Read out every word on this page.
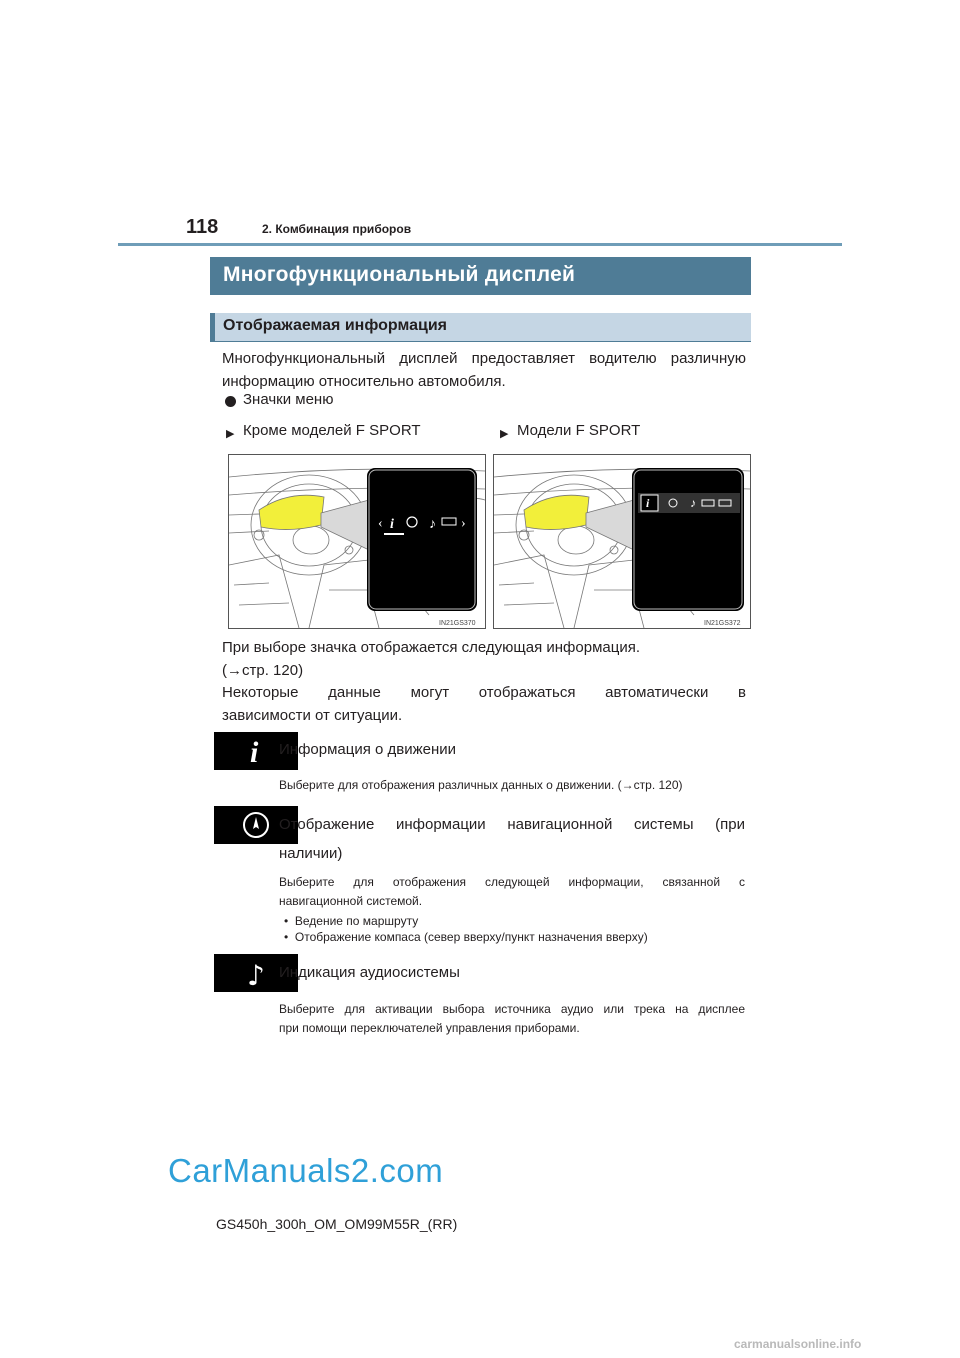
118	2. Комбинация приборов
Многофункциональный дисплей
Отображаемая информация
Многофункциональный дисплей предоставляет водителю различную информацию относительно автомобиля.
Значки меню
▶ Кроме моделей F SPORT	▶ Модели F SPORT
‹ i	♪ ›
IN21GS370
i	♪
IN21GS372
При выборе значка отображается следующая информация.
(→стр. 120)
Некоторые данные могут отображаться автоматически в
зависимости от ситуации.
i Информация о движении
Выберите для отображения различных данных о движении. (→стр. 120)
Отображение информации навигационной системы (при
наличии)
Выберите для отображения следующей информации, связанной с
навигационной системой.
•  Ведение по маршруту
•  Отображение компаса (север вверху/пункт назначения вверху)
♪ Индикация аудиосистемы
Выберите для активации выбора источника аудио или трека на дисплее
при помощи переключателей управления приборами.
CarManuals2.com
GS450h_300h_OM_OM99M55R_(RR)
carmanualsonline.info
